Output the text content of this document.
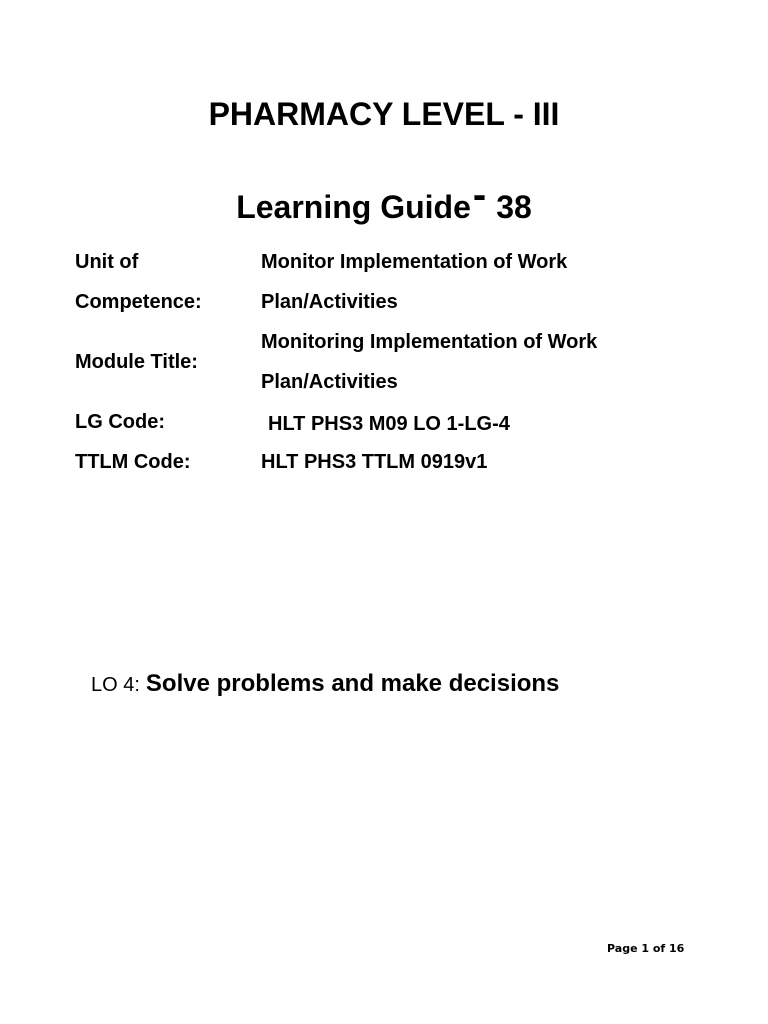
PHARMACY LEVEL - III
Learning Guide- 38
Unit of
Competence:
Monitor Implementation of Work
Plan/Activities
Module Title:
Monitoring Implementation of Work
Plan/Activities
LG Code:	HLT PHS3 M09 LO 1-LG-4
TTLM Code:	HLT PHS3 TTLM 0919v1
LO 4: Solve problems and make decisions
Page 1 of 16
